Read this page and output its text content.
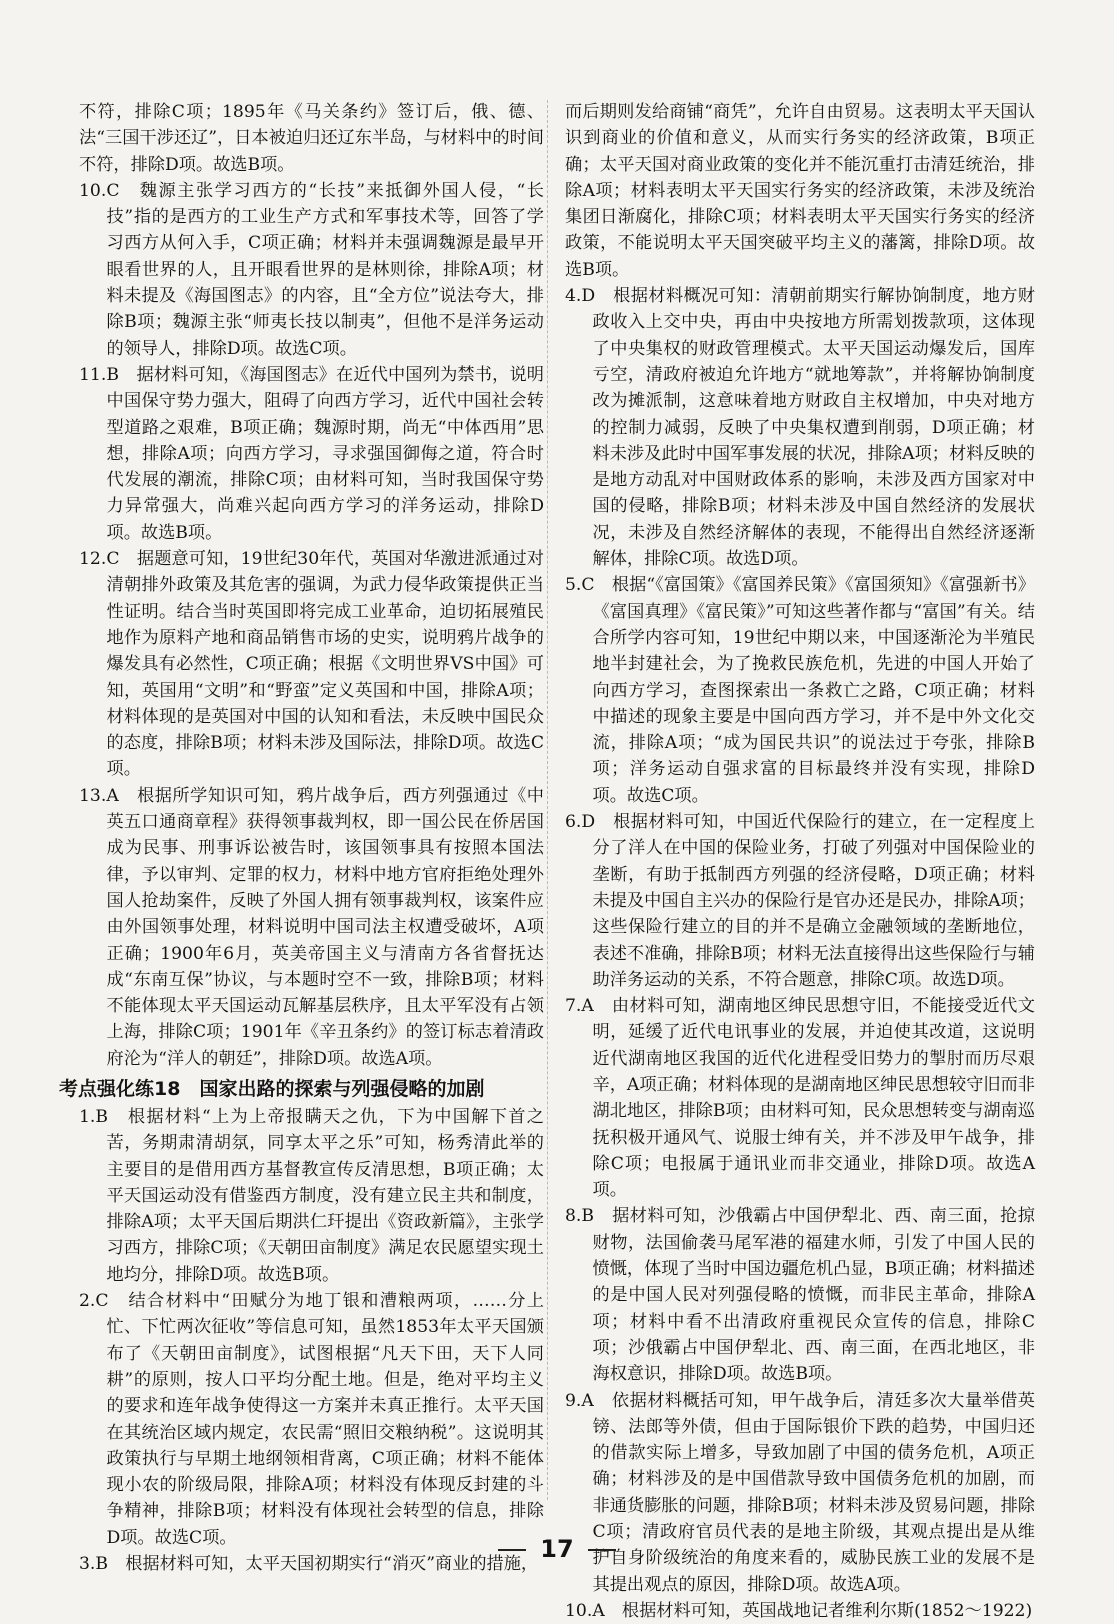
不符，排除C项；1895年《马关条约》签订后，俄、德、法“三国干涉还辽”，日本被迫归还辽东半岛，与材料中的时间不符，排除D项。故选B项。

10.C　魏源主张学习西方的“长技”来抵御外国人侵，“长技”指的是西方的工业生产方式和军事技术等，回答了学习西方从何入手，C项正确；材料并未强调魏源是最早开眼看世界的人，且开眼看世界的是林则徐，排除A项；材料未提及《海国图志》的内容，且“全方位”说法夸大，排除B项；魏源主张“师夷长技以制夷”，但他不是洋务运动的领导人，排除D项。故选C项。

11.B　据材料可知，《海国图志》在近代中国列为禁书，说明中国保守势力强大，阻碍了向西方学习，近代中国社会转型道路之艰难，B项正确；魏源时期，尚无“中体西用”思想，排除A项；向西方学习，寻求强国御侮之道，符合时代发展的潮流，排除C项；由材料可知，当时我国保守势力异常强大，尚难兴起向西方学习的洋务运动，排除D项。故选B项。

12.C　据题意可知，19世纪30年代，英国对华激进派通过对清朝排外政策及其危害的强调，为武力侵华政策提供正当性证明。结合当时英国即将完成工业革命，迫切拓展殖民地作为原料产地和商品销售市场的史实，说明鸦片战争的爆发具有必然性，C项正确；根据《文明世界VS中国》可知，英国用“文明”和“野蛮”定义英国和中国，排除A项；材料体现的是英国对中国的认知和看法，未反映中国民众的态度，排除B项；材料未涉及国际法，排除D项。故选C项。

13.A　根据所学知识可知，鸦片战争后，西方列强通过《中英五口通商章程》获得领事裁判权，即一国公民在侨居国成为民事、刑事诉讼被告时，该国领事具有按照本国法律，予以审判、定罪的权力，材料中地方官府拒绝处理外国人抢劫案件，反映了外国人拥有领事裁判权，该案件应由外国领事处理，材料说明中国司法主权遭受破坏，A项正确；1900年6月，英美帝国主义与清南方各省督抚达成“东南互保”协议，与本题时空不一致，排除B项；材料不能体现太平天国运动瓦解基层秩序，且太平军没有占领上海，排除C项；1901年《辛丑条约》的签订标志着清政府沦为“洋人的朝廷”，排除D项。故选A项。

考点强化练18　国家出路的探索与列强侵略的加剧

1.B　根据材料“上为上帝报瞒天之仇，下为中国解下首之苦，务期肃清胡氛，同享太平之乐”可知，杨秀清此举的主要目的是借用西方基督教宣传反清思想，B项正确；太平天国运动没有借鉴西方制度，没有建立民主共和制度，排除A项；太平天国后期洪仁玕提出《资政新篇》，主张学习西方，排除C项；《天朝田亩制度》满足农民愿望实现土地均分，排除D项。故选B项。

2.C　结合材料中“田赋分为地丁银和漕粮两项，……分上忙、下忙两次征收”等信息可知，虽然1853年太平天国颁布了《天朝田亩制度》，试图根据“凡天下田，天下人同耕”的原则，按人口平均分配土地。但是，绝对平均主义的要求和连年战争使得这一方案并未真正推行。太平天国在其统治区域内规定，农民需“照旧交粮纳税”。这说明其政策执行与早期土地纲领相背离，C项正确；材料不能体现小农的阶级局限，排除A项；材料没有体现反封建的斗争精神，排除B项；材料没有体现社会转型的信息，排除D项。故选C项。

3.B　根据材料可知，太平天国初期实行“消灭”商业的措施，

而后期则发给商铺“商凭”，允许自由贸易。这表明太平天国认识到商业的价值和意义，从而实行务实的经济政策，B项正确；太平天国对商业政策的变化并不能沉重打击清廷统治，排除A项；材料表明太平天国实行务实的经济政策，未涉及统治集团日渐腐化，排除C项；材料表明太平天国实行务实的经济政策，不能说明太平天国突破平均主义的藩篱，排除D项。故选B项。

4.D　根据材料概况可知：清朝前期实行解协饷制度，地方财政收入上交中央，再由中央按地方所需划拨款项，这体现了中央集权的财政管理模式。太平天国运动爆发后，国库亏空，清政府被迫允许地方“就地筹款”，并将解协饷制度改为摊派制，这意味着地方财政自主权增加，中央对地方的控制力减弱，反映了中央集权遭到削弱，D项正确；材料未涉及此时中国军事发展的状况，排除A项；材料反映的是地方动乱对中国财政体系的影响，未涉及西方国家对中国的侵略，排除B项；材料未涉及中国自然经济的发展状况，未涉及自然经济解体的表现，不能得出自然经济逐渐解体，排除C项。故选D项。

5.C　根据“《富国策》《富国养民策》《富国须知》《富强新书》《富国真理》《富民策》”可知这些著作都与“富国”有关。结合所学内容可知，19世纪中期以来，中国逐渐沦为半殖民地半封建社会，为了挽救民族危机，先进的中国人开始了向西方学习，查图探索出一条救亡之路，C项正确；材料中描述的现象主要是中国向西方学习，并不是中外文化交流，排除A项；“成为国民共识”的说法过于夸张，排除B项；洋务运动自强求富的目标最终并没有实现，排除D项。故选C项。

6.D　根据材料可知，中国近代保险行的建立，在一定程度上分了洋人在中国的保险业务，打破了列强对中国保险业的垄断，有助于抵制西方列强的经济侵略，D项正确；材料未提及中国自主兴办的保险行是官办还是民办，排除A项；这些保险行建立的目的并不是确立金融领域的垄断地位，表述不准确，排除B项；材料无法直接得出这些保险行与辅助洋务运动的关系，不符合题意，排除C项。故选D项。

7.A　由材料可知，湖南地区绅民思想守旧，不能接受近代文明，延缓了近代电讯事业的发展，并迫使其改道，这说明近代湖南地区我国的近代化进程受旧势力的掣肘而历尽艰辛，A项正确；材料体现的是湖南地区绅民思想较守旧而非湖北地区，排除B项；由材料可知，民众思想转变与湖南巡抚积极开通风气、说服士绅有关，并不涉及甲午战争，排除C项；电报属于通讯业而非交通业，排除D项。故选A项。

8.B　据材料可知，沙俄霸占中国伊犁北、西、南三面，抢掠财物，法国偷袭马尾军港的福建水师，引发了中国人民的愤慨，体现了当时中国边疆危机凸显，B项正确；材料描述的是中国人民对列强侵略的愤慨，而非民主革命，排除A项；材料中看不出清政府重视民众宣传的信息，排除C项；沙俄霸占中国伊犁北、西、南三面，在西北地区，非海权意识，排除D项。故选B项。

9.A　依据材料概括可知，甲午战争后，清廷多次大量举借英镑、法郎等外债，但由于国际银价下跌的趋势，中国归还的借款实际上增多，导致加剧了中国的债务危机，A项正确；材料涉及的是中国借款导致中国债务危机的加剧，而非通货膨胀的问题，排除B项；材料未涉及贸易问题，排除C项；清政府官员代表的是地主阶级，其观点提出是从维护自身阶级统治的角度来看的，威胁民族工业的发展不是其提出观点的原因，排除D项。故选A项。

10.A　根据材料可知，英国战地记者维利尔斯(1852～1922)

17
